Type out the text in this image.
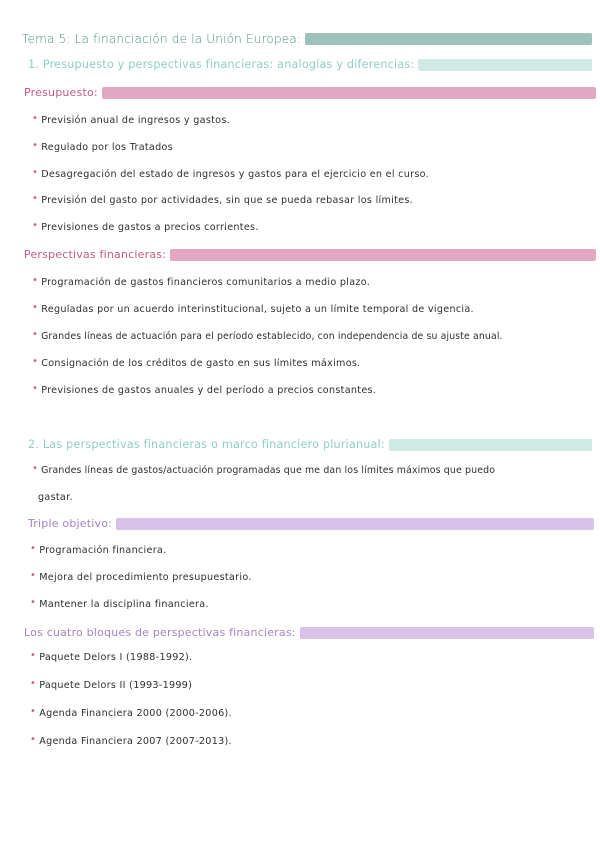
Tema 5: La financiación de la Unión Europea:
1. Presupuesto y perspectivas financieras: analogías y diferencias:
Presupuesto:
• Previsión anual de ingresos y gastos.
• Regulado por los Tratados
• Desagregación del estado de ingresos y gastos para el ejercicio en el curso.
• Previsión del gasto por actividades, sin que se pueda rebasar los límites.
• Previsiones de gastos a precios corrientes.
Perspectivas financieras:
• Programación de gastos financieros comunitarios a medio plazo.
• Reguladas por un acuerdo interinstitucional, sujeto a un límite temporal de vigencia.
• Grandes líneas de actuación para el período establecido, con independencia de su ajuste anual.
• Consignación de los créditos de gasto en sus límites máximos.
• Previsiones de gastos anuales y del período a precios constantes.
2. Las perspectivas financieras o marco financiero plurianual:
• Grandes líneas de gastos/actuación programadas que me dan los límites máximos que puedo
gastar.
Triple objetivo:
• Programación financiera.
• Mejora del procedimiento presupuestario.
• Mantener la disciplina financiera.
Los cuatro bloques de perspectivas financieras:
• Paquete Delors I (1988-1992).
• Paquete Delors II (1993-1999)
• Agenda Financiera 2000 (2000-2006).
• Agenda Financiera 2007 (2007-2013).
